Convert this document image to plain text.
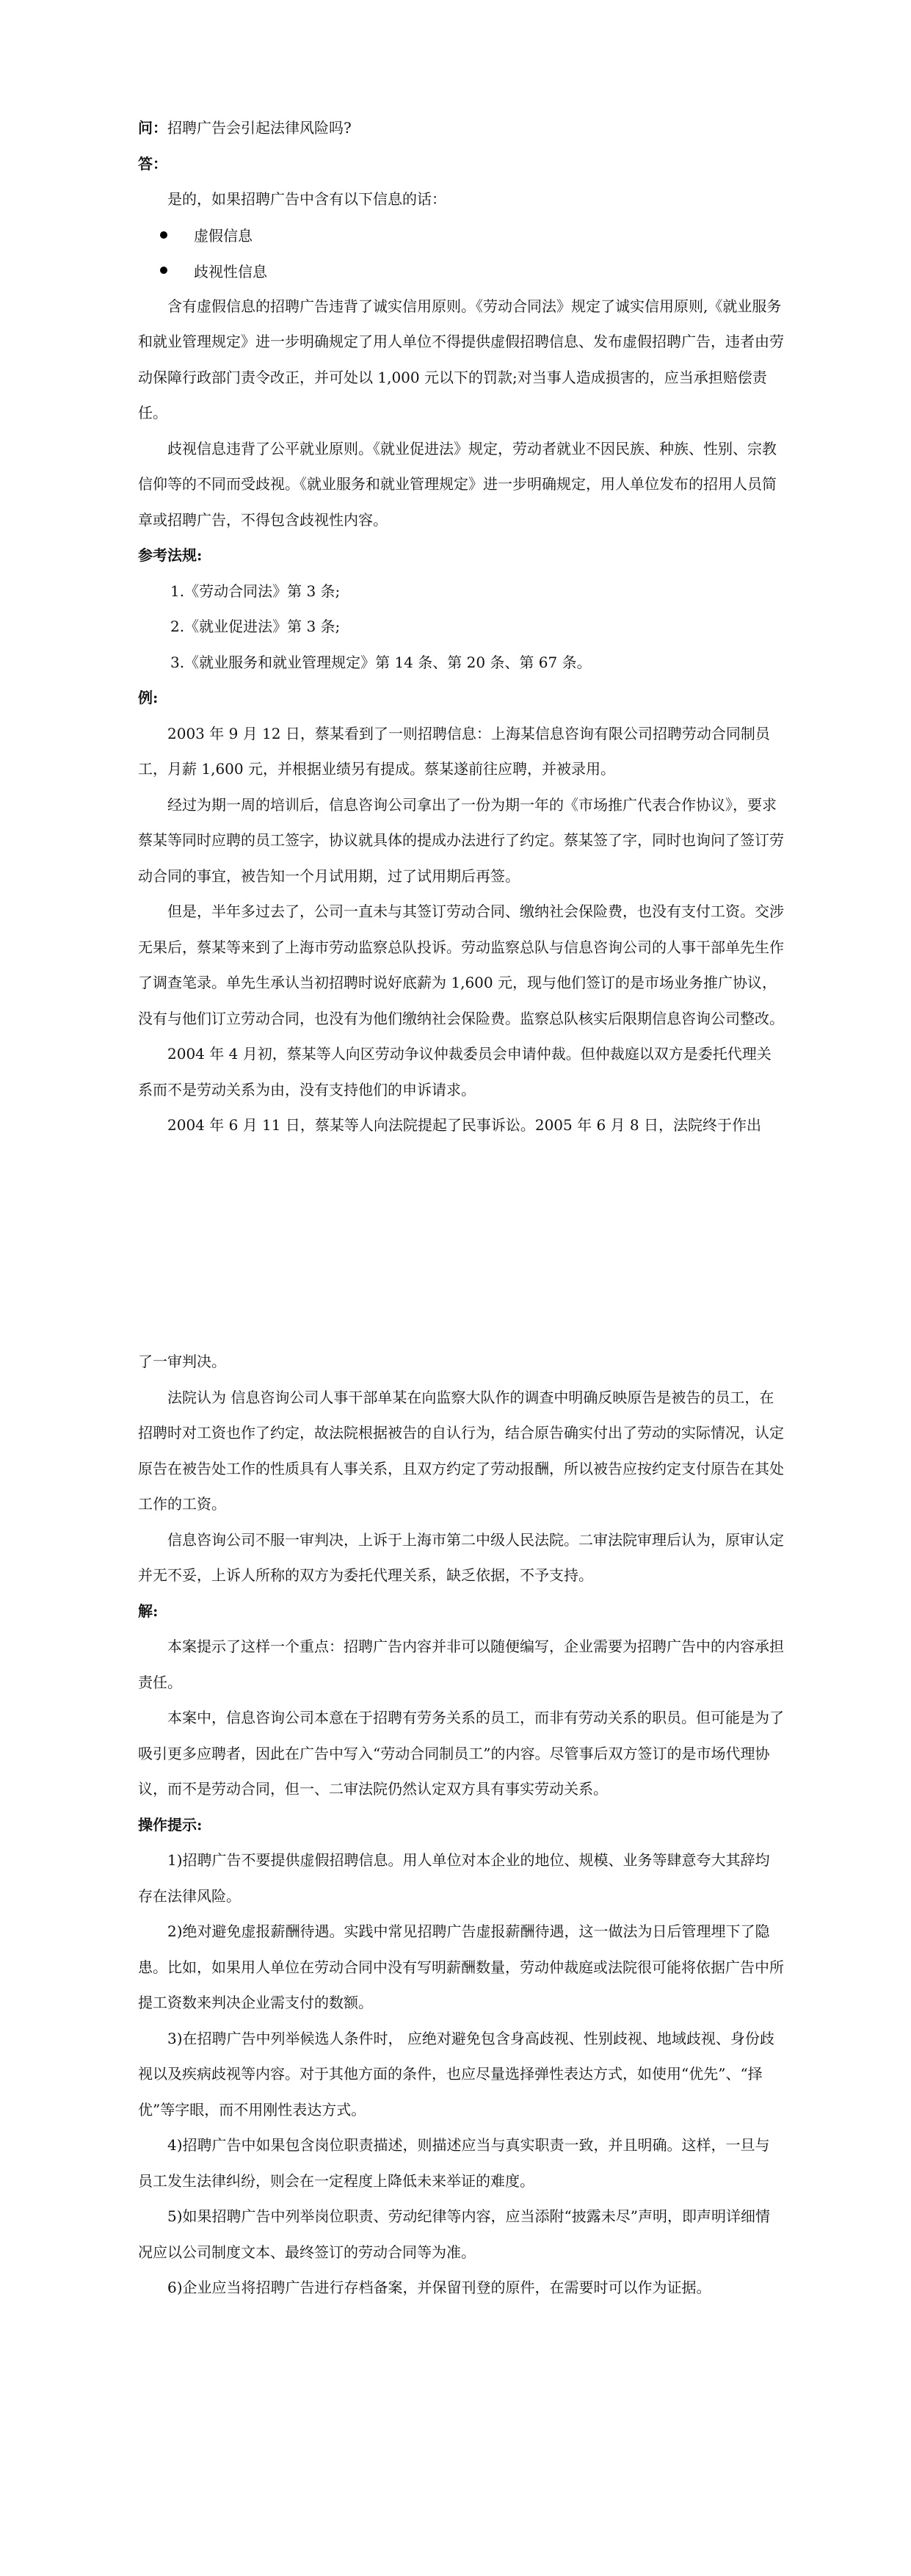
问：招聘广告会引起法律风险吗?

答：

是的，如果招聘广告中含有以下信息的话：

虚假信息
歧视性信息

含有虚假信息的招聘广告违背了诚实信用原则。《劳动合同法》规定了诚实信用原则,《就业服务和就业管理规定》进一步明确规定了用人单位不得提供虚假招聘信息、发布虚假招聘广告，违者由劳动保障行政部门责令改正，并可处以 1,000 元以下的罚款;对当事人造成损害的，应当承担赔偿责任。

歧视信息违背了公平就业原则。《就业促进法》规定，劳动者就业不因民族、种族、性别、宗教信仰等的不同而受歧视。《就业服务和就业管理规定》进一步明确规定，用人单位发布的招用人员简章或招聘广告，不得包含歧视性内容。

参考法规:

1.《劳动合同法》第 3 条;

2.《就业促进法》第 3 条;

3.《就业服务和就业管理规定》第 14 条、第 20 条、第 67 条。

例:

2003 年 9 月 12 日，蔡某看到了一则招聘信息：上海某信息咨询有限公司招聘劳动合同制员工，月薪 1,600 元，并根据业绩另有提成。蔡某遂前往应聘，并被录用。

经过为期一周的培训后，信息咨询公司拿出了一份为期一年的《市场推广代表合作协议》，要求蔡某等同时应聘的员工签字，协议就具体的提成办法进行了约定。蔡某签了字，同时也询问了签订劳动合同的事宜，被告知一个月试用期，过了试用期后再签。

但是，半年多过去了，公司一直未与其签订劳动合同、缴纳社会保险费，也没有支付工资。交涉无果后，蔡某等来到了上海市劳动监察总队投诉。劳动监察总队与信息咨询公司的人事干部单先生作了调查笔录。单先生承认当初招聘时说好底薪为 1,600 元，现与他们签订的是市场业务推广协议，没有与他们订立劳动合同，也没有为他们缴纳社会保险费。监察总队核实后限期信息咨询公司整改。

2004 年 4 月初，蔡某等人向区劳动争议仲裁委员会申请仲裁。但仲裁庭以双方是委托代理关系而不是劳动关系为由，没有支持他们的申诉请求。

2004 年 6 月 11 日，蔡某等人向法院提起了民事诉讼。2005 年 6 月 8 日，法院终于作出

了一审判决。

法院认为 信息咨询公司人事干部单某在向监察大队作的调查中明确反映原告是被告的员工，在招聘时对工资也作了约定，故法院根据被告的自认行为，结合原告确实付出了劳动的实际情况，认定原告在被告处工作的性质具有人事关系，且双方约定了劳动报酬，所以被告应按约定支付原告在其处工作的工资。

信息咨询公司不服一审判决，上诉于上海市第二中级人民法院。二审法院审理后认为，原审认定并无不妥，上诉人所称的双方为委托代理关系，缺乏依据，不予支持。

解:

本案提示了这样一个重点：招聘广告内容并非可以随便编写，企业需要为招聘广告中的内容承担责任。

本案中，信息咨询公司本意在于招聘有劳务关系的员工，而非有劳动关系的职员。但可能是为了吸引更多应聘者，因此在广告中写入“劳动合同制员工”的内容。尽管事后双方签订的是市场代理协议，而不是劳动合同，但一、二审法院仍然认定双方具有事实劳动关系。

操作提示:

1)招聘广告不要提供虚假招聘信息。用人单位对本企业的地位、规模、业务等肆意夸大其辞均存在法律风险。

2)绝对避免虚报薪酬待遇。实践中常见招聘广告虚报薪酬待遇，这一做法为日后管理埋下了隐患。比如，如果用人单位在劳动合同中没有写明薪酬数量，劳动仲裁庭或法院很可能将依据广告中所提工资数来判决企业需支付的数额。

3)在招聘广告中列举候选人条件时， 应绝对避免包含身高歧视、性别歧视、地域歧视、身份歧视以及疾病歧视等内容。对于其他方面的条件，也应尽量选择弹性表达方式，如使用“优先”、“择优”等字眼，而不用刚性表达方式。

4)招聘广告中如果包含岗位职责描述，则描述应当与真实职责一致，并且明确。这样，一旦与员工发生法律纠纷，则会在一定程度上降低未来举证的难度。

5)如果招聘广告中列举岗位职责、劳动纪律等内容，应当添附“披露未尽”声明，即声明详细情况应以公司制度文本、最终签订的劳动合同等为准。

6)企业应当将招聘广告进行存档备案，并保留刊登的原件，在需要时可以作为证据。
